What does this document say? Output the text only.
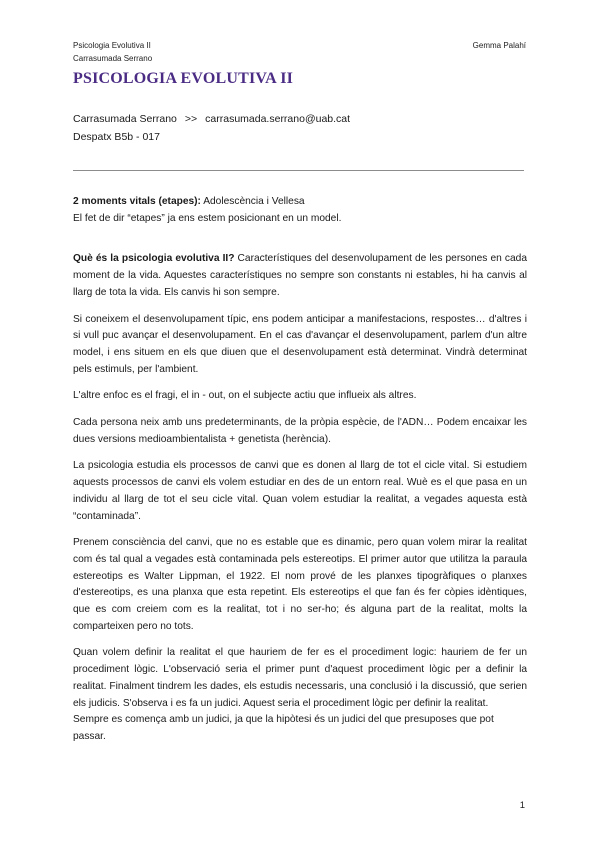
Psicologia Evolutiva II
Carrasumada Serrano
Gemma Palahí
PSICOLOGIA EVOLUTIVA II
Carrasumada Serrano >> carrasumada.serrano@uab.cat
Despatx B5b - 017

2 moments vitals (etapes): Adolescència i Vellesa
El fet de dir “etapes” ja ens estem posicionant en un model.

Què és la psicologia evolutiva II? Característiques del desenvolupament de les persones en cada moment de la vida. Aquestes característiques no sempre son constants ni estables, hi ha canvis al llarg de tota la vida. Els canvis hi son sempre.

Si coneixem el desenvolupament típic, ens podem anticipar a manifestacions, respostes… d'altres i si vull puc avançar el desenvolupament. En el cas d'avançar el desenvolupament, parlem d'un altre model, i ens situem en els que diuen que el desenvolupament està determinat. Vindrà determinat pels estimuls, per l'ambient.

L'altre enfoc es el fragi, el in - out, on el subjecte actiu que influeix als altres.

Cada persona neix amb uns predeterminants, de la pròpia espècie, de l'ADN… Podem encaixar les dues versions medioambientalista + genetista (herència).

La psicologia estudia els processos de canvi que es donen al llarg de tot el cicle vital. Si estudiem aquests processos de canvi els volem estudiar en des de un entorn real. Wuè es el que pasa en un individu al llarg de tot el seu cicle vital. Quan volem estudiar la realitat, a vegades aquesta està “contaminada”.

Prenem consciència del canvi, que no es estable que es dinamic, pero quan volem mirar la realitat com és tal qual a vegades està contaminada pels estereotips. El primer autor que utilitza la paraula estereotips es Walter Lippman, el 1922. El nom prové de les planxes tipogràfiques o planxes d'estereotips, es una planxa que esta repetint. Els estereotips el que fan és fer còpies idèntiques, que es com creiem com es la realitat, tot i no ser-ho; és alguna part de la realitat, molts la comparteixen pero no tots.

Quan volem definir la realitat el que hauriem de fer es el procediment logic: hauriem de fer un procediment lògic. L'observació seria el primer punt d'aquest procediment lògic per a definir la realitat. Finalment tindrem les dades, els estudis necessaris, una conclusió i la discussió, que serien els judicis. S'observa i es fa un judici. Aquest seria el procediment lògic per definir la realitat.

Sempre es comença amb un judici, ja que la hipòtesi és un judici del que presuposes que pot passar.

1
